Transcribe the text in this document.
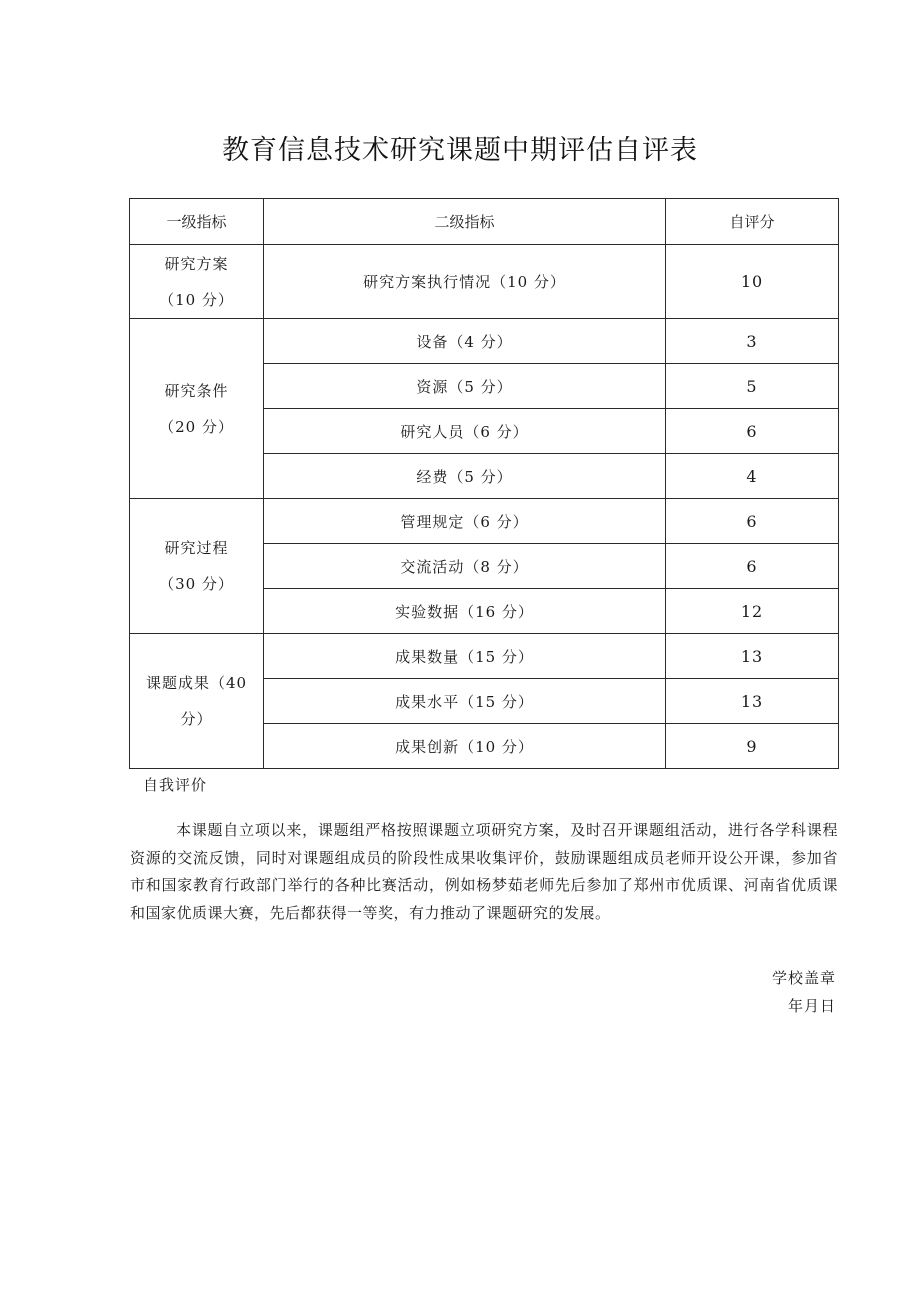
教育信息技术研究课题中期评估自评表
一级指标	二级指标	自评分
研究方案
（10 分）	研究方案执行情况（10 分）	10
研究条件
（20 分）	设备（4 分）	3
	资源（5 分）	5
	研究人员（6 分）	6
	经费（5 分）	4
研究过程
（30 分）	管理规定（6 分）	6
	交流活动（8 分）	6
	实验数据（16 分）	12
课题成果（40
分）	成果数量（15 分）	13
	成果水平（15 分）	13
	成果创新（10 分）	9
自我评价

本课题自立项以来，课题组严格按照课题立项研究方案，及时召开课题组活动，进行各学科课程资源的交流反馈，同时对课题组成员的阶段性成果收集评价，鼓励课题组成员老师开设公开课，参加省市和国家教育行政部门举行的各种比赛活动，例如杨梦茹老师先后参加了郑州市优质课、河南省优质课和国家优质课大赛，先后都获得一等奖，有力推动了课题研究的发展。

学校盖章
年月日
